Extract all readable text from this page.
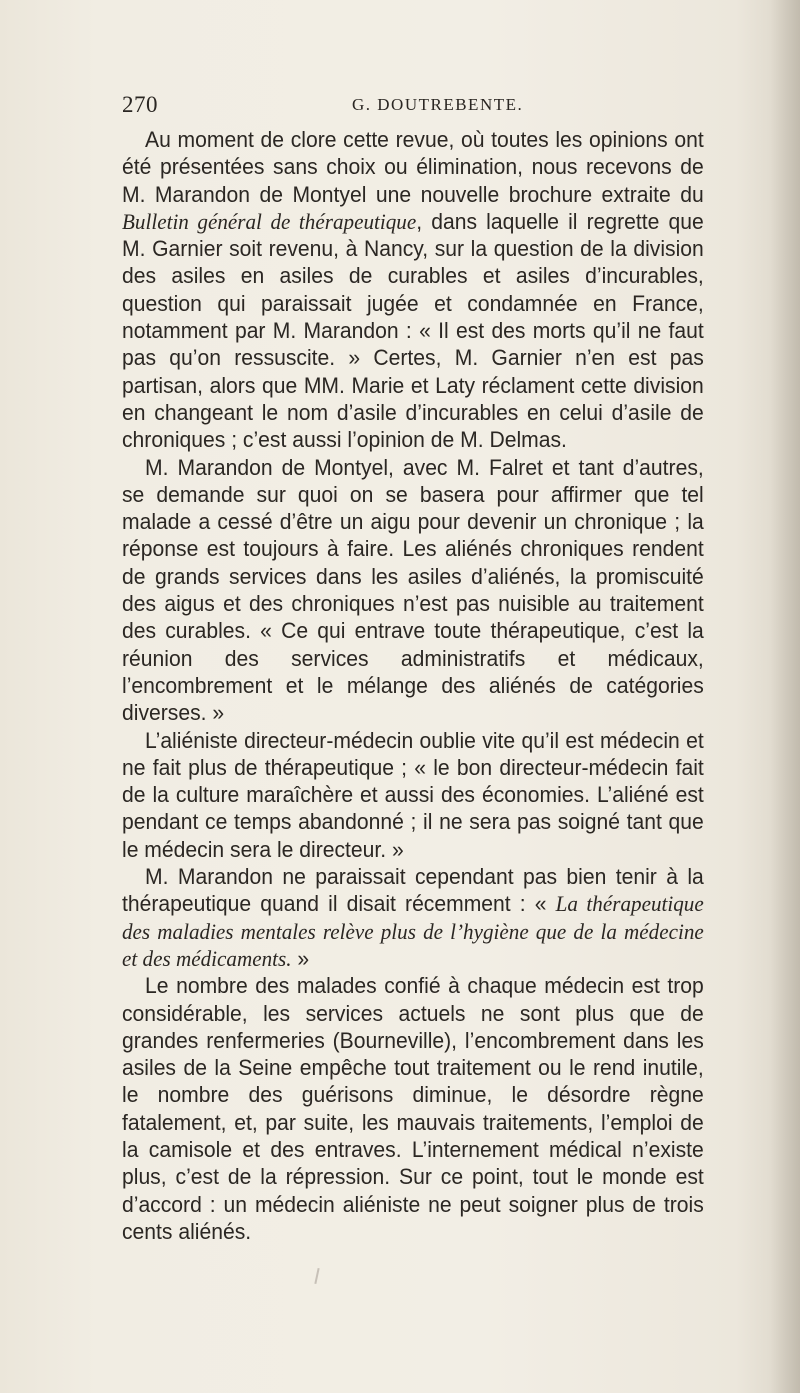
270	G. DOUTREBENTE.

Au moment de clore cette revue, où toutes les opinions ont été présentées sans choix ou élimination, nous recevons de M. Marandon de Montyel une nouvelle brochure extraite du Bulletin général de thérapeutique, dans laquelle il regrette que M. Garnier soit revenu, à Nancy, sur la question de la division des asiles en asiles de curables et asiles d’incurables, question qui paraissait jugée et condamnée en France, notamment par M. Marandon : « Il est des morts qu’il ne faut pas qu’on ressuscite. » Certes, M. Garnier n’en est pas partisan, alors que MM. Marie et Laty réclament cette division en changeant le nom d’asile d’incurables en celui d’asile de chroniques ; c’est aussi l’opinion de M. Delmas.

M. Marandon de Montyel, avec M. Falret et tant d’autres, se demande sur quoi on se basera pour affirmer que tel malade a cessé d’être un aigu pour devenir un chronique ; la réponse est toujours à faire. Les aliénés chroniques rendent de grands services dans les asiles d’aliénés, la promiscuité des aigus et des chroniques n’est pas nuisible au traitement des curables. « Ce qui entrave toute thérapeutique, c’est la réunion des services administratifs et médicaux, l’encombrement et le mélange des aliénés de catégories diverses. »

L’aliéniste directeur-médecin oublie vite qu’il est médecin et ne fait plus de thérapeutique ; « le bon directeur-médecin fait de la culture maraîchère et aussi des économies. L’aliéné est pendant ce temps abandonné ; il ne sera pas soigné tant que le médecin sera le directeur. »

M. Marandon ne paraissait cependant pas bien tenir à la thérapeutique quand il disait récemment : « La thérapeutique des maladies mentales relève plus de l’hygiène que de la médecine et des médicaments. »

Le nombre des malades confié à chaque médecin est trop considérable, les services actuels ne sont plus que de grandes renfermeries (Bourneville), l’encombrement dans les asiles de la Seine empêche tout traitement ou le rend inutile, le nombre des guérisons diminue, le désordre règne fatalement, et, par suite, les mauvais traitements, l’emploi de la camisole et des entraves. L’internement médical n’existe plus, c’est de la répression. Sur ce point, tout le monde est d’accord : un médecin aliéniste ne peut soigner plus de trois cents aliénés.
